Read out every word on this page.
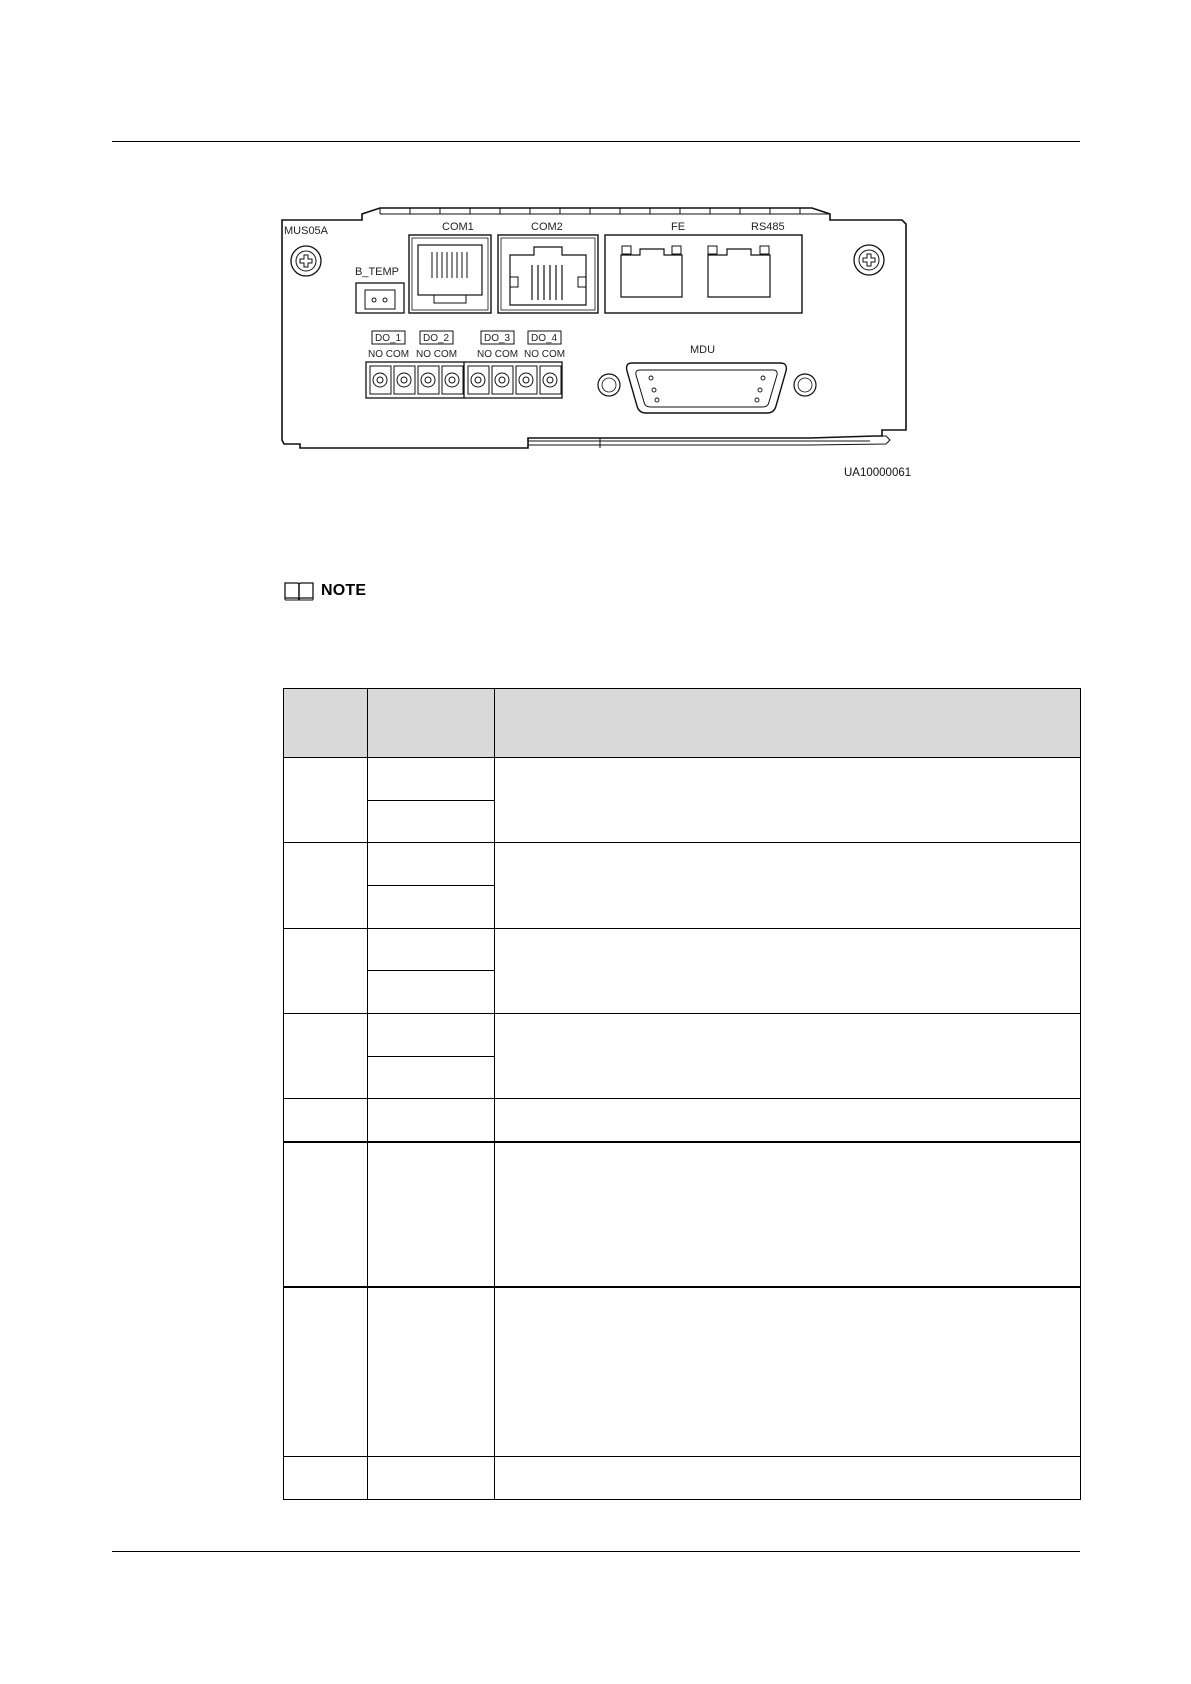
MUS05A
B_TEMP
COM1	COM2	FE	RS485
DO_1 DO_2	DO_3 DO_4
NO COM NO COM NO COM NO COM	MDU
UA10000061
NOTE
